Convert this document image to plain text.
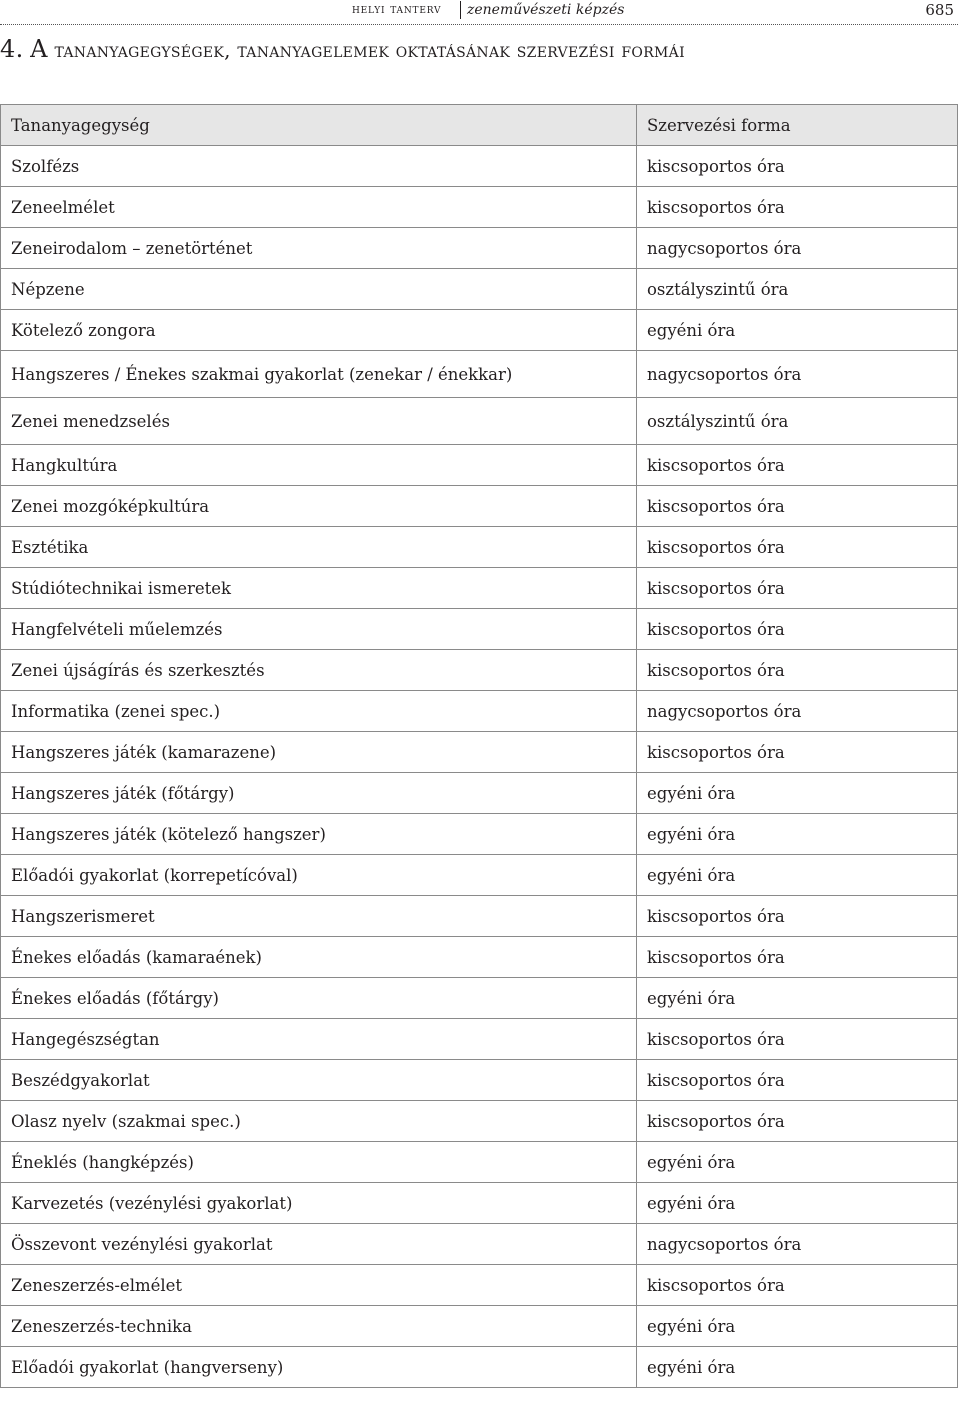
helyi tanterv zeneművészeti képzés	685
4. A tananyagegységek, tananyagelemek oktatásának szervezési formái
Tananyagegység	Szervezési forma
Szolfézs	kiscsoportos óra
Zeneelmélet	kiscsoportos óra
Zeneirodalom – zenetörténet	nagycsoportos óra
Népzene	osztályszintű óra
Kötelező zongora	egyéni óra
Hangszeres / Énekes szakmai gyakorlat (zenekar / énekkar)	nagycsoportos óra
Zenei menedzselés	osztályszintű óra
Hangkultúra	kiscsoportos óra
Zenei mozgóképkultúra	kiscsoportos óra
Esztétika	kiscsoportos óra
Stúdiótechnikai ismeretek	kiscsoportos óra
Hangfelvételi műelemzés	kiscsoportos óra
Zenei újságírás és szerkesztés	kiscsoportos óra
Informatika (zenei spec.)	nagycsoportos óra
Hangszeres játék (kamarazene)	kiscsoportos óra
Hangszeres játék (főtárgy)	egyéni óra
Hangszeres játék (kötelező hangszer)	egyéni óra
Előadói gyakorlat (korrepetícóval)	egyéni óra
Hangszerismeret	kiscsoportos óra
Énekes előadás (kamaraének)	kiscsoportos óra
Énekes előadás (főtárgy)	egyéni óra
Hangegészségtan	kiscsoportos óra
Beszédgyakorlat	kiscsoportos óra
Olasz nyelv (szakmai spec.)	kiscsoportos óra
Éneklés (hangképzés)	egyéni óra
Karvezetés (vezénylési gyakorlat)	egyéni óra
Összevont vezénylési gyakorlat	nagycsoportos óra
Zeneszerzés-elmélet	kiscsoportos óra
Zeneszerzés-technika	egyéni óra
Előadói gyakorlat (hangverseny)	egyéni óra
